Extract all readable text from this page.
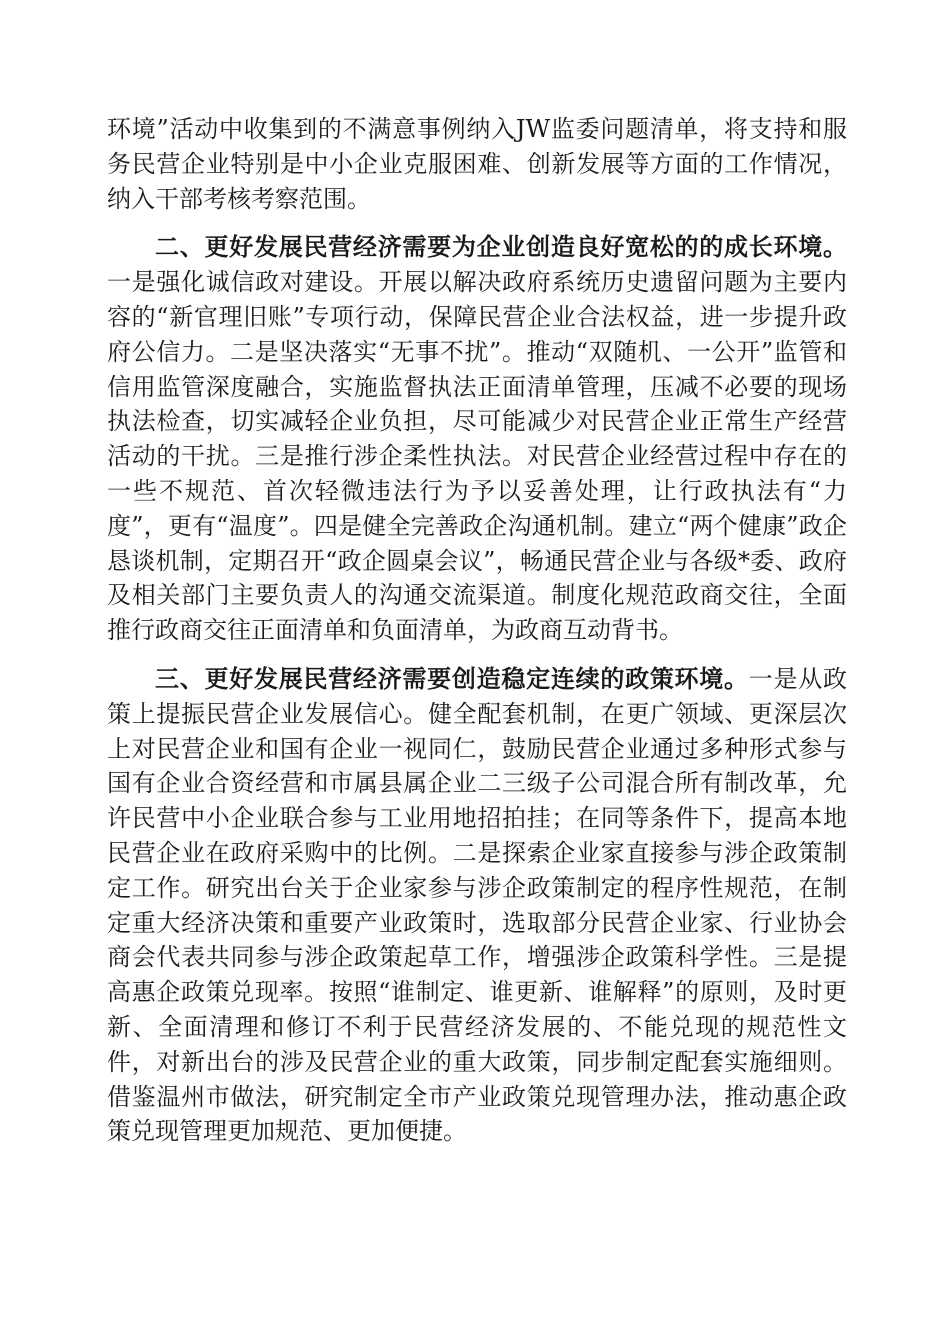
环境”活动中收集到的不满意事例纳入JW监委问题清单，将支持和服务民营企业特别是中小企业克服困难、创新发展等方面的工作情况，纳入干部考核考察范围。

二、更好发展民营经济需要为企业创造良好宽松的的成长环境。一是强化诚信政对建设。开展以解决政府系统历史遗留问题为主要内容的“新官理旧账”专项行动，保障民营企业合法权益，进一步提升政府公信力。二是坚决落实“无事不扰”。推动“双随机、一公开”监管和信用监管深度融合，实施监督执法正面清单管理，压减不必要的现场执法检查，切实减轻企业负担，尽可能减少对民营企业正常生产经营活动的干扰。三是推行涉企柔性执法。对民营企业经营过程中存在的一些不规范、首次轻微违法行为予以妥善处理，让行政执法有“力度”，更有“温度”。四是健全完善政企沟通机制。建立“两个健康”政企恳谈机制，定期召开“政企圆桌会议”，畅通民营企业与各级*委、政府及相关部门主要负责人的沟通交流渠道。制度化规范政商交往，全面推行政商交往正面清单和负面清单，为政商互动背书。

三、更好发展民营经济需要创造稳定连续的政策环境。一是从政策上提振民营企业发展信心。健全配套机制，在更广领域、更深层次上对民营企业和国有企业一视同仁，鼓励民营企业通过多种形式参与国有企业合资经营和市属县属企业二三级子公司混合所有制改革，允许民营中小企业联合参与工业用地招拍挂；在同等条件下，提高本地民营企业在政府采购中的比例。二是探索企业家直接参与涉企政策制定工作。研究出台关于企业家参与涉企政策制定的程序性规范，在制定重大经济决策和重要产业政策时，选取部分民营企业家、行业协会商会代表共同参与涉企政策起草工作，增强涉企政策科学性。三是提高惠企政策兑现率。按照“谁制定、谁更新、谁解释”的原则，及时更新、全面清理和修订不利于民营经济发展的、不能兑现的规范性文件，对新出台的涉及民营企业的重大政策，同步制定配套实施细则。借鉴温州市做法，研究制定全市产业政策兑现管理办法，推动惠企政策兑现管理更加规范、更加便捷。
